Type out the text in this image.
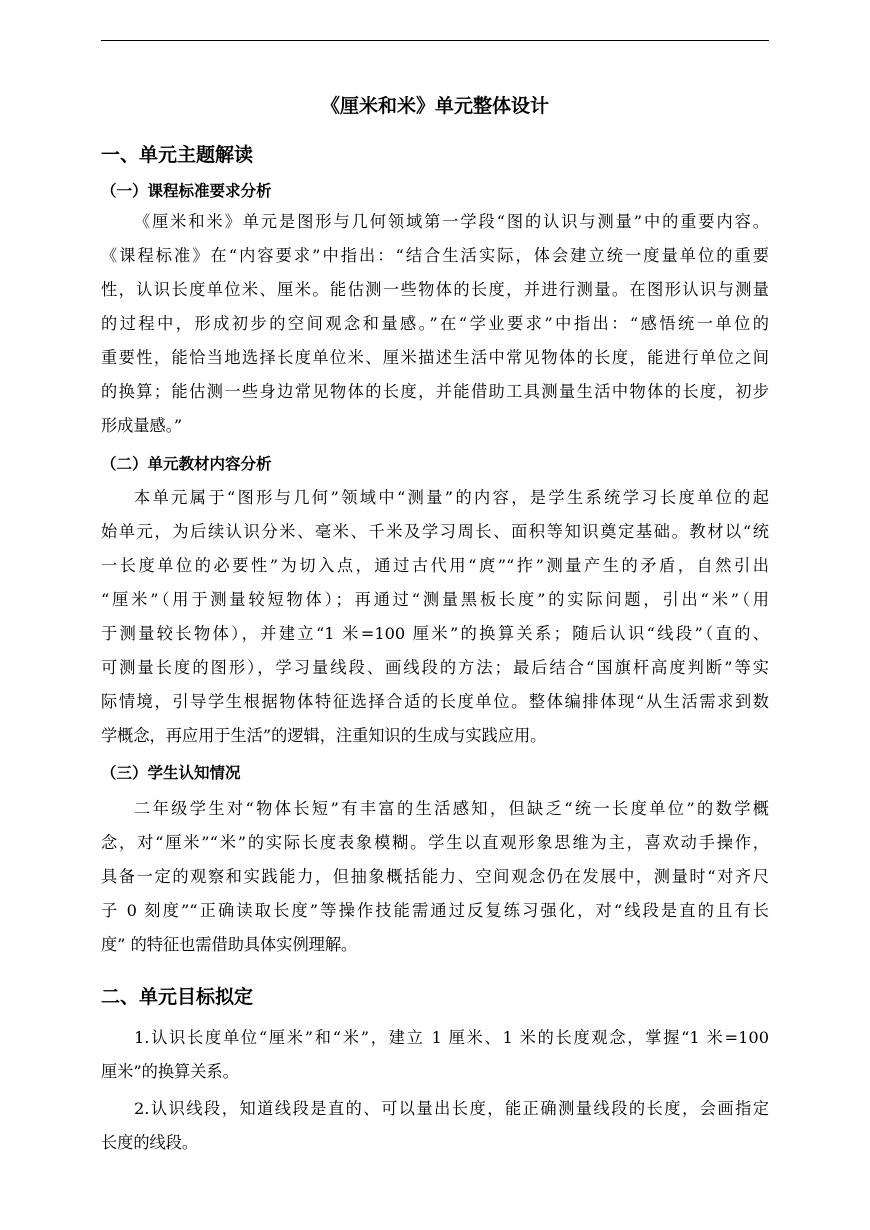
《厘米和米》单元整体设计
一、单元主题解读
（一）课程标准要求分析
《厘米和米》单元是图形与几何领域第一学段“图的认识与测量”中的重要内容。
《课程标准》在“内容要求”中指出：“结合生活实际，体会建立统一度量单位的重要
性，认识长度单位米、厘米。能估测一些物体的长度，并进行测量。在图形认识与测量
的过程中，形成初步的空间观念和量感。”在“学业要求”中指出：“感悟统一单位的
重要性，能恰当地选择长度单位米、厘米描述生活中常见物体的长度，能进行单位之间
的换算；能估测一些身边常见物体的长度，并能借助工具测量生活中物体的长度，初步
形成量感。”
（二）单元教材内容分析
本单元属于“图形与几何”领域中“测量”的内容，是学生系统学习长度单位的起
始单元，为后续认识分米、毫米、千米及学习周长、面积等知识奠定基础。教材以“统
一长度单位的必要性”为切入点，通过古代用“庹”“拃”测量产生的矛盾，自然引出
“厘米”（用于测量较短物体）；再通过“测量黑板长度”的实际问题，引出“米”（用
于测量较长物体），并建立“1 米=100 厘米”的换算关系；随后认识“线段”（直的、
可测量长度的图形），学习量线段、画线段的方法；最后结合“国旗杆高度判断”等实
际情境，引导学生根据物体特征选择合适的长度单位。整体编排体现“从生活需求到数
学概念，再应用于生活”的逻辑，注重知识的生成与实践应用。
（三）学生认知情况
二年级学生对“物体长短”有丰富的生活感知，但缺乏“统一长度单位”的数学概
念，对“厘米”“米”的实际长度表象模糊。学生以直观形象思维为主，喜欢动手操作，
具备一定的观察和实践能力，但抽象概括能力、空间观念仍在发展中，测量时“对齐尺
子 0 刻度”“正确读取长度”等操作技能需通过反复练习强化，对“线段是直的且有长
度” 的特征也需借助具体实例理解。
二、单元目标拟定
1.认识长度单位“厘米”和“米”，建立 1 厘米、1 米的长度观念，掌握“1 米=100
厘米”的换算关系。
2.认识线段，知道线段是直的、可以量出长度，能正确测量线段的长度，会画指定
长度的线段。
